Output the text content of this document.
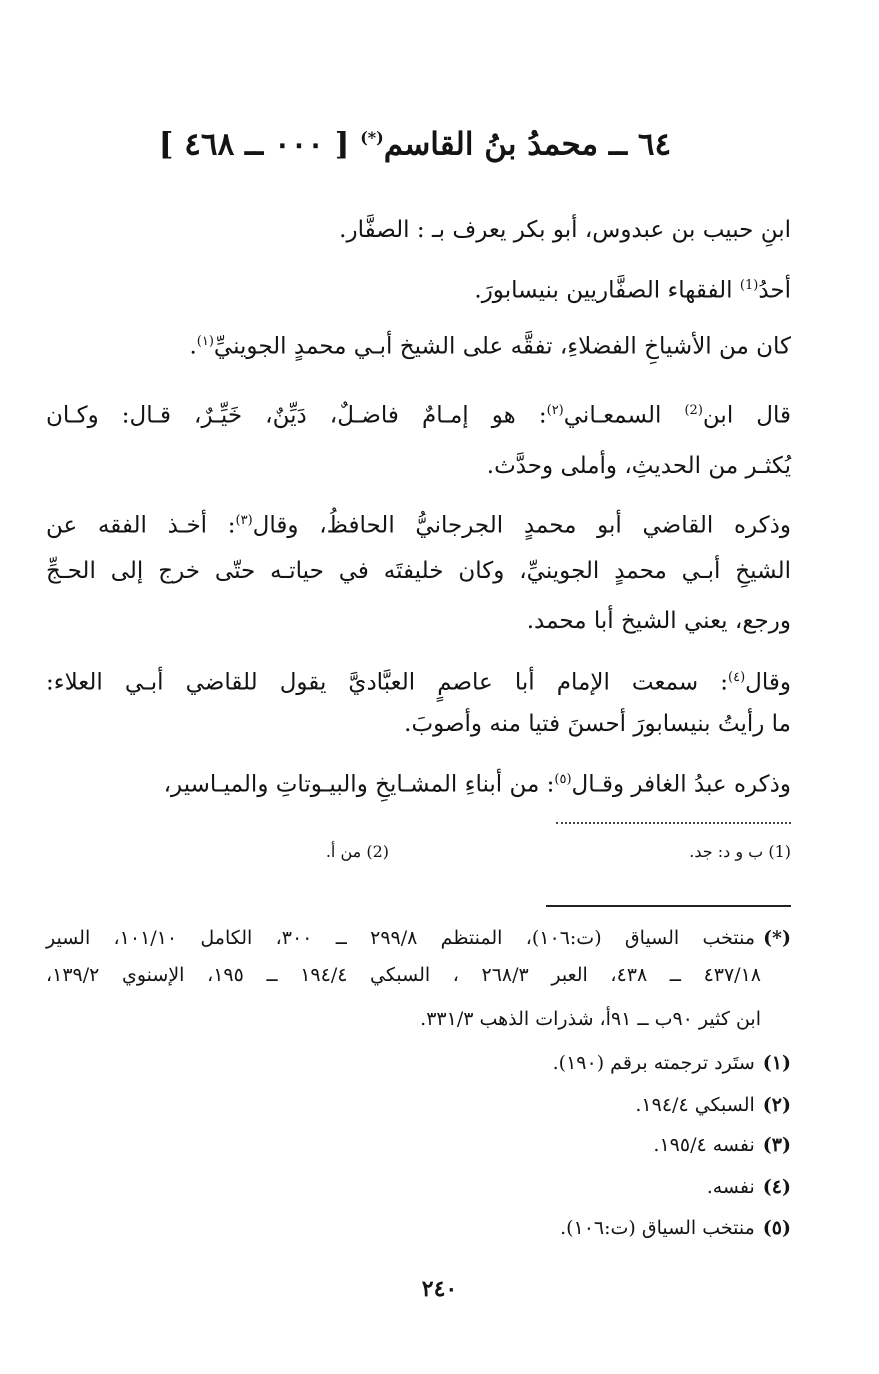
٦٤ ــ محمدُ بنُ القاسم(*) [ ٠٠٠ ــ ٤٦٨ ]
ابنِ حبيب بن عبدوس، أبو بكر يعرف بـ : الصفَّار.
أحدُ$^{(1)}$ الفقهاء الصفَّاريين بنيسابورَ.
كان من الأشياخِ الفضلاءِ، تفقَّه على الشيخ أبـي محمدٍ الجوينيِّ$^{(١)}$.
قال ابن$^{(2)}$ السمعـاني$^{(٢)}$: هو إمـامٌ فاضـلٌ، دَيِّنٌ، خَيِّـرٌ، قـال: وكـان
يُكثـر من الحديثِ، وأملى وحدَّث.
وذكره القاضي أبو محمدٍ الجرجانيُّ الحافظُ، وقال$^{(٣)}$: أخـذ الفقه عن
الشيخِ أبـي محمدٍ الجوينيِّ، وكان خليفتَه في حياتـه حتّى خرج إلى الحـجِّ
ورجع، يعني الشيخ أبا محمد.
وقال$^{(٤)}$: سمعت الإمام أبا عاصمٍ العبَّاديَّ يقول للقاضي أبـي العلاء:
ما رأيتُ بنيسابورَ أحسنَ فتيا منه وأصوبَ.
وذكره عبدُ الغافر وقـال$^{(٥)}$: من أبناءِ المشـايخِ والبيـوتاتِ والميـاسير،
(1) ب و د: جد.
(2) من أ.
(*)منتخب السياق (ت:١٠٦)، المنتظم ٢٩٩/٨ ــ ٣٠٠، الكامل ١٠١/١٠، السير
٤٣٧/١٨ ــ ٤٣٨، العبر ٢٦٨/٣ ، السبكي ١٩٤/٤ ــ ١٩٥، الإسنوي ١٣٩/٢،
ابن كثير ٩٠ب ــ ٩١أ، شذرات الذهب ٣٣١/٣.
(١)ستَرد ترجمته برقم (١٩٠).
(٢)السبكي ١٩٤/٤.
(٣)نفسه ١٩٥/٤.
(٤)نفسه.
(٥)منتخب السياق (ت:١٠٦).
٢٤٠
